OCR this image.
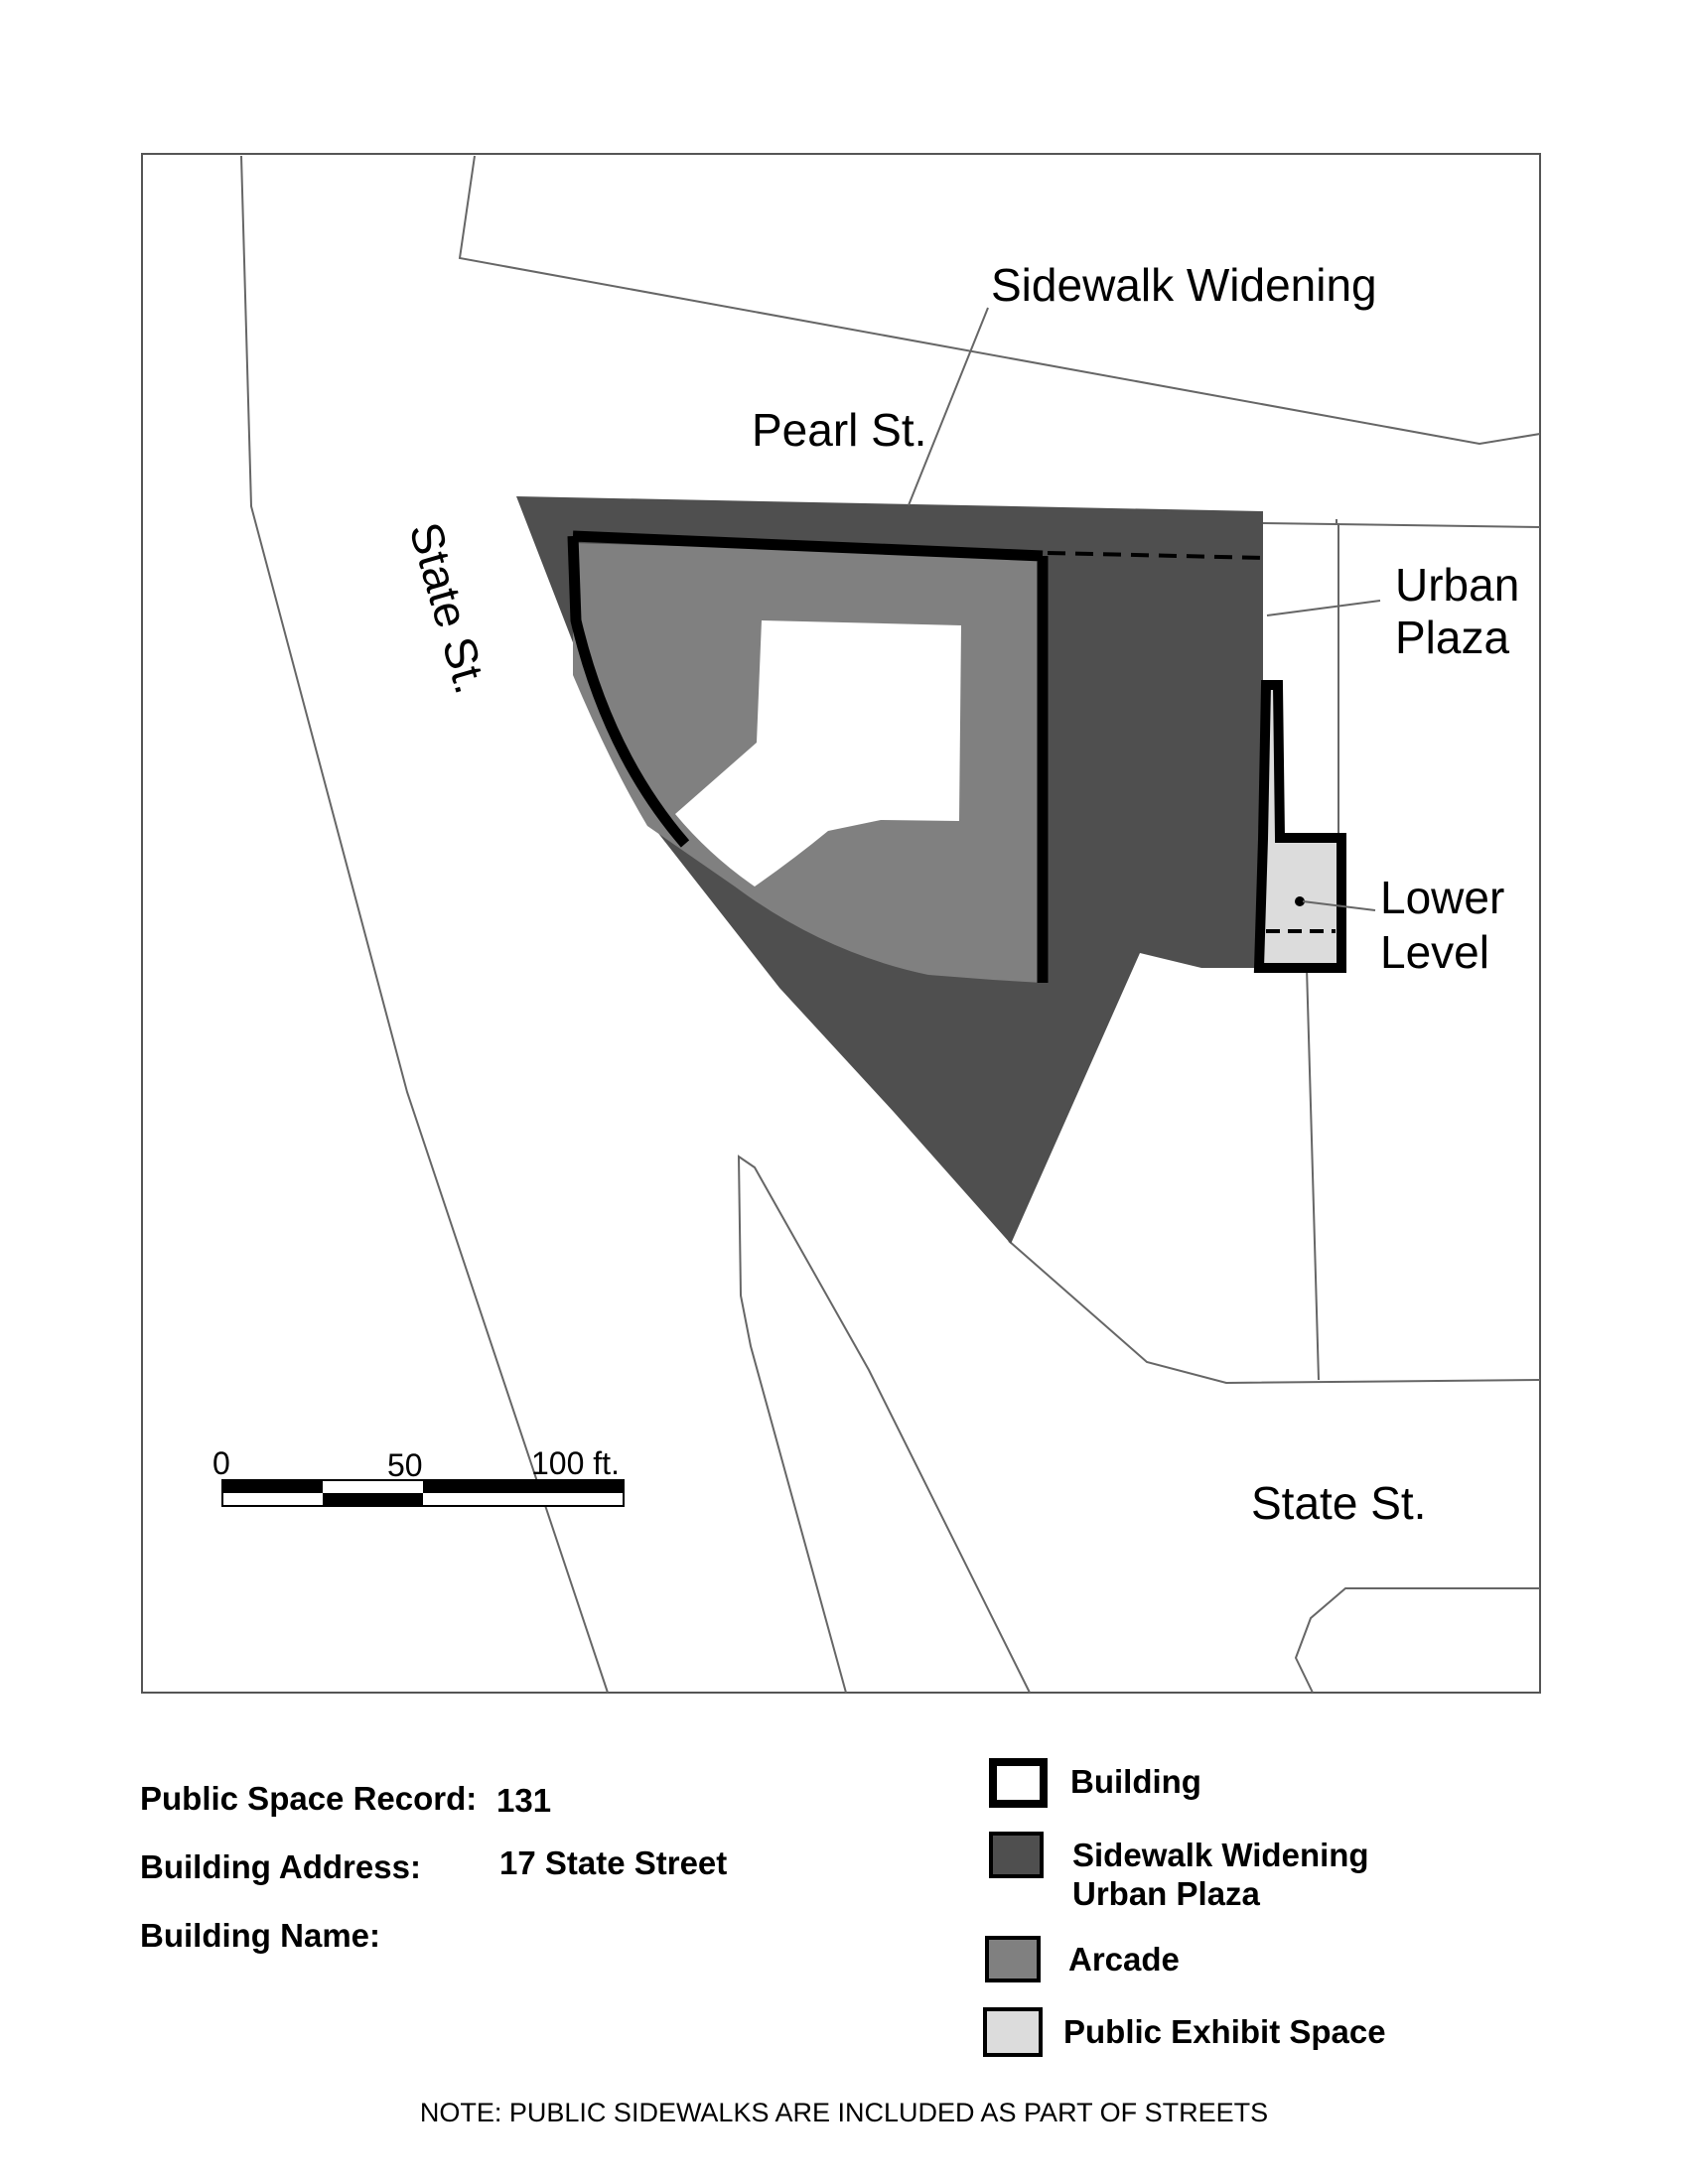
Sidewalk Widening
Pearl St.
State St.	Urban
Plaza
Lower
Level
State St.
0	50	100 ft.
Public Space Record: 131
Building Address: 17 State Street
Building Name:
Building
Sidewalk Widening
Urban Plaza
Arcade
Public Exhibit Space
NOTE: PUBLIC SIDEWALKS ARE INCLUDED AS PART OF STREETS
